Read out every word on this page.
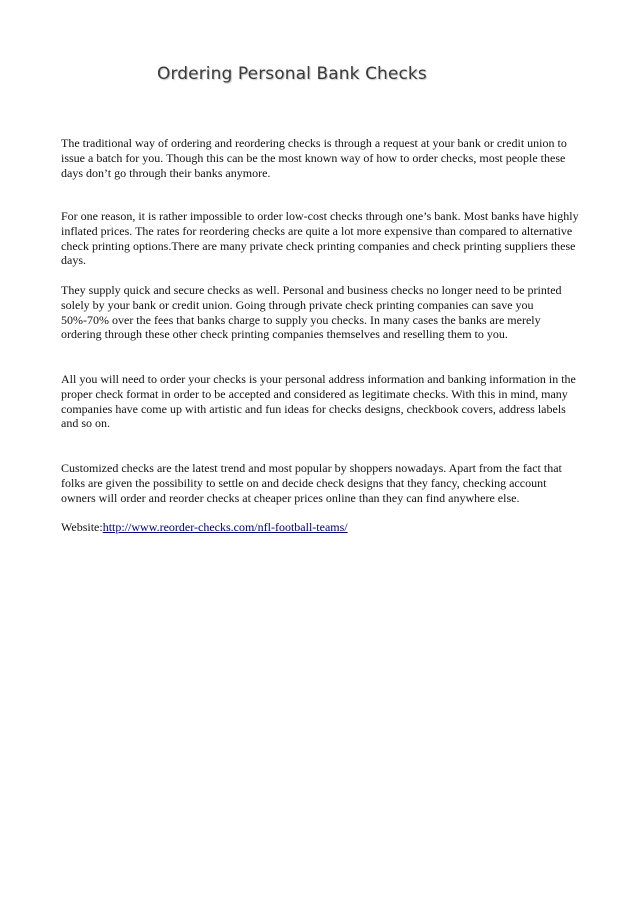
Ordering Personal Bank Checks

The traditional way of ordering and reordering checks is through a request at your bank or credit union to issue a batch for you. Though this can be the most known way of how to order checks, most people these days don’t go through their banks anymore.

For one reason, it is rather impossible to order low-cost checks through one’s bank. Most banks have highly inflated prices. The rates for reordering checks are quite a lot more expensive than compared to alternative check printing options.There are many private check printing companies and check printing suppliers these days.

They supply quick and secure checks as well. Personal and business checks no longer need to be printed solely by your bank or credit union. Going through private check printing companies can save you 50%-70% over the fees that banks charge to supply you checks. In many cases the banks are merely ordering through these other check printing companies themselves and reselling them to you.

All you will need to order your checks is your personal address information and banking information in the proper check format in order to be accepted and considered as legitimate checks. With this in mind, many companies have come up with artistic and fun ideas for checks designs, checkbook covers, address labels and so on.

Customized checks are the latest trend and most popular by shoppers nowadays. Apart from the fact that folks are given the possibility to settle on and decide check designs that they fancy, checking account owners will order and reorder checks at cheaper prices online than they can find anywhere else.

Website:http://www.reorder-checks.com/nfl-football-teams/
